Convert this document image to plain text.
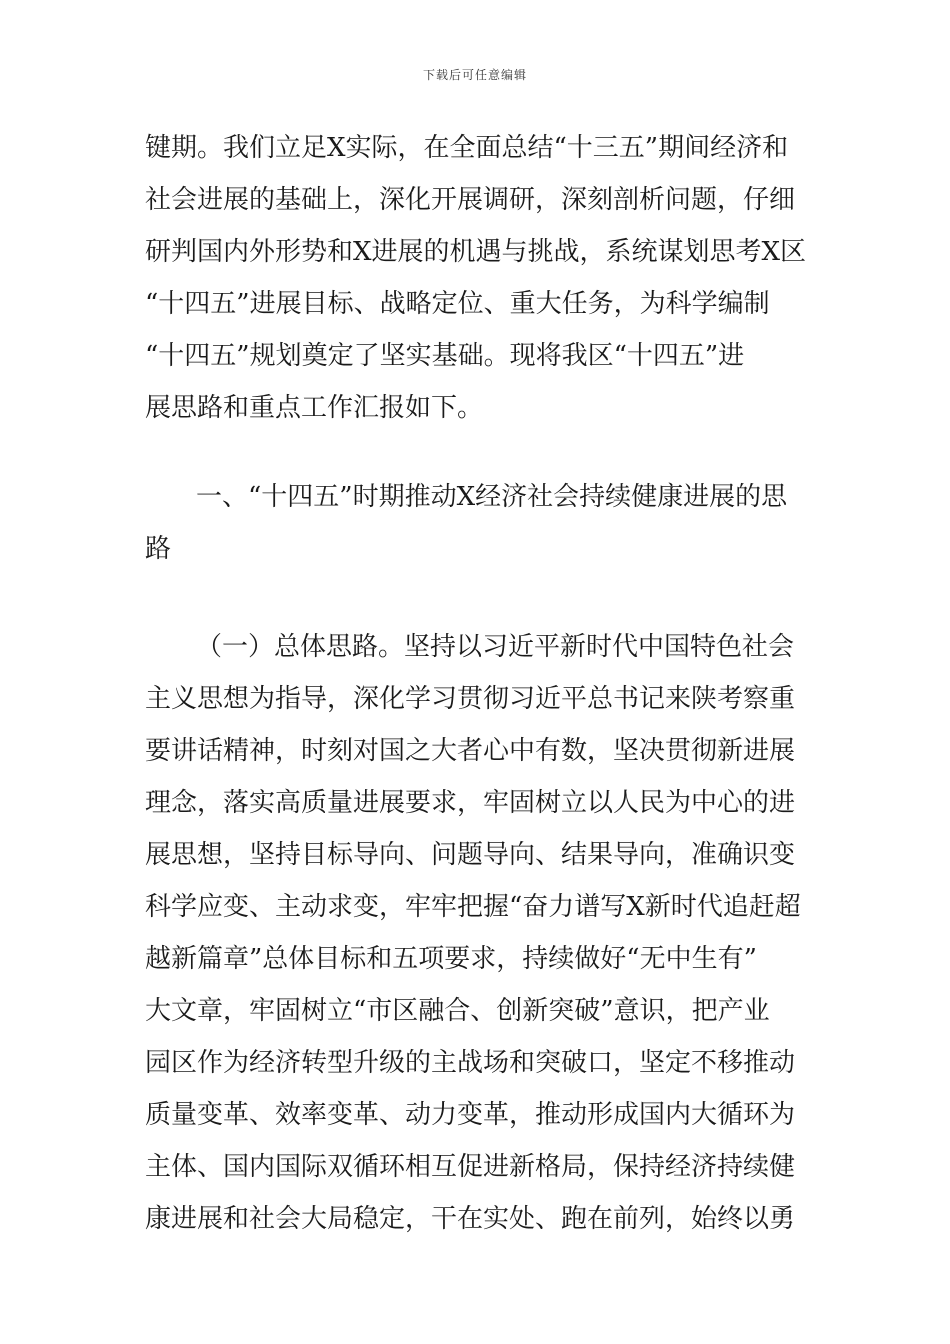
下载后可任意编辑
键期。我们立足X实际，在全面总结“十三五”期间经济和
社会进展的基础上，深化开展调研，深刻剖析问题，仔细
研判国内外形势和X进展的机遇与挑战，系统谋划思考X区
“十四五”进展目标、战略定位、重大任务，为科学编制
“十四五”规划奠定了坚实基础。现将我区“十四五”进
展思路和重点工作汇报如下。
一、“十四五”时期推动X经济社会持续健康进展的思
路
（一）总体思路。坚持以习近平新时代中国特色社会
主义思想为指导，深化学习贯彻习近平总书记来陕考察重
要讲话精神，时刻对国之大者心中有数，坚决贯彻新进展
理念，落实高质量进展要求，牢固树立以人民为中心的进
展思想，坚持目标导向、问题导向、结果导向，准确识变
科学应变、主动求变，牢牢把握“奋力谱写X新时代追赶超
越新篇章”总体目标和五项要求，持续做好“无中生有”
大文章，牢固树立“市区融合、创新突破”意识，把产业
园区作为经济转型升级的主战场和突破口，坚定不移推动
质量变革、效率变革、动力变革，推动形成国内大循环为
主体、国内国际双循环相互促进新格局，保持经济持续健
康进展和社会大局稳定，干在实处、跑在前列，始终以勇
